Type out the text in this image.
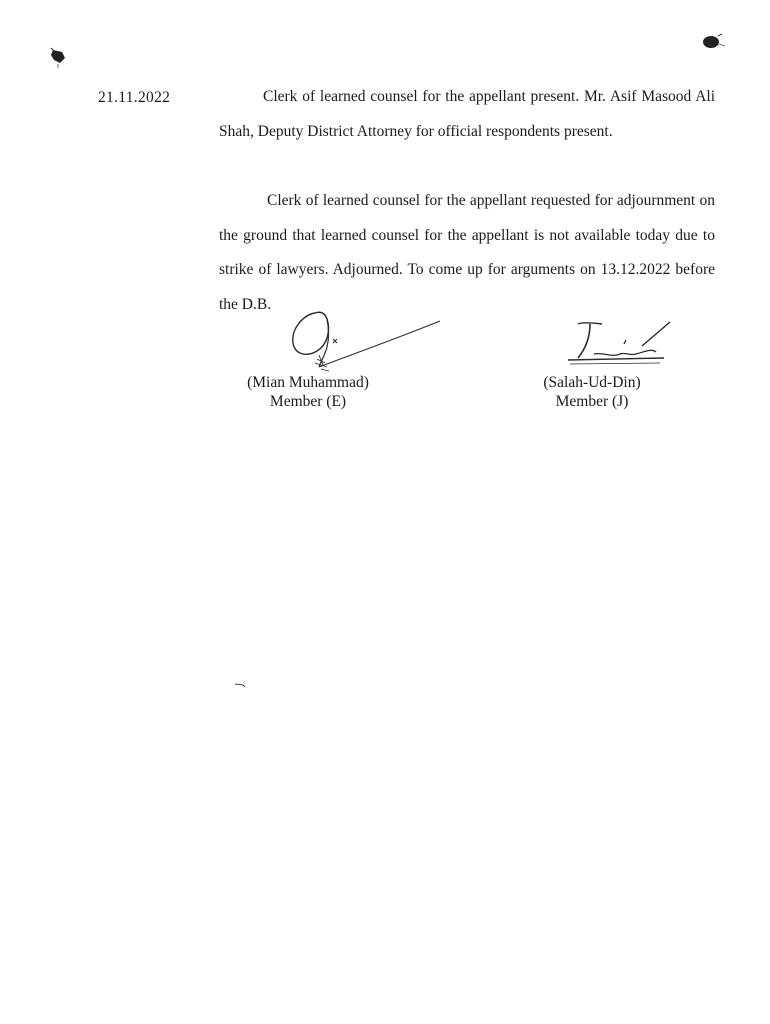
21.11.2022	Clerk of learned counsel for the appellant present. Mr. Asif Masood Ali Shah, Deputy District Attorney for official respondents present.

Clerk of learned counsel for the appellant requested for adjournment on the ground that learned counsel for the appellant is not available today due to strike of lawyers. Adjourned. To come up for arguments on 13.12.2022 before the D.B.

(Mian Muhammad)
Member (E)
(Salah-Ud-Din)
Member (J)
